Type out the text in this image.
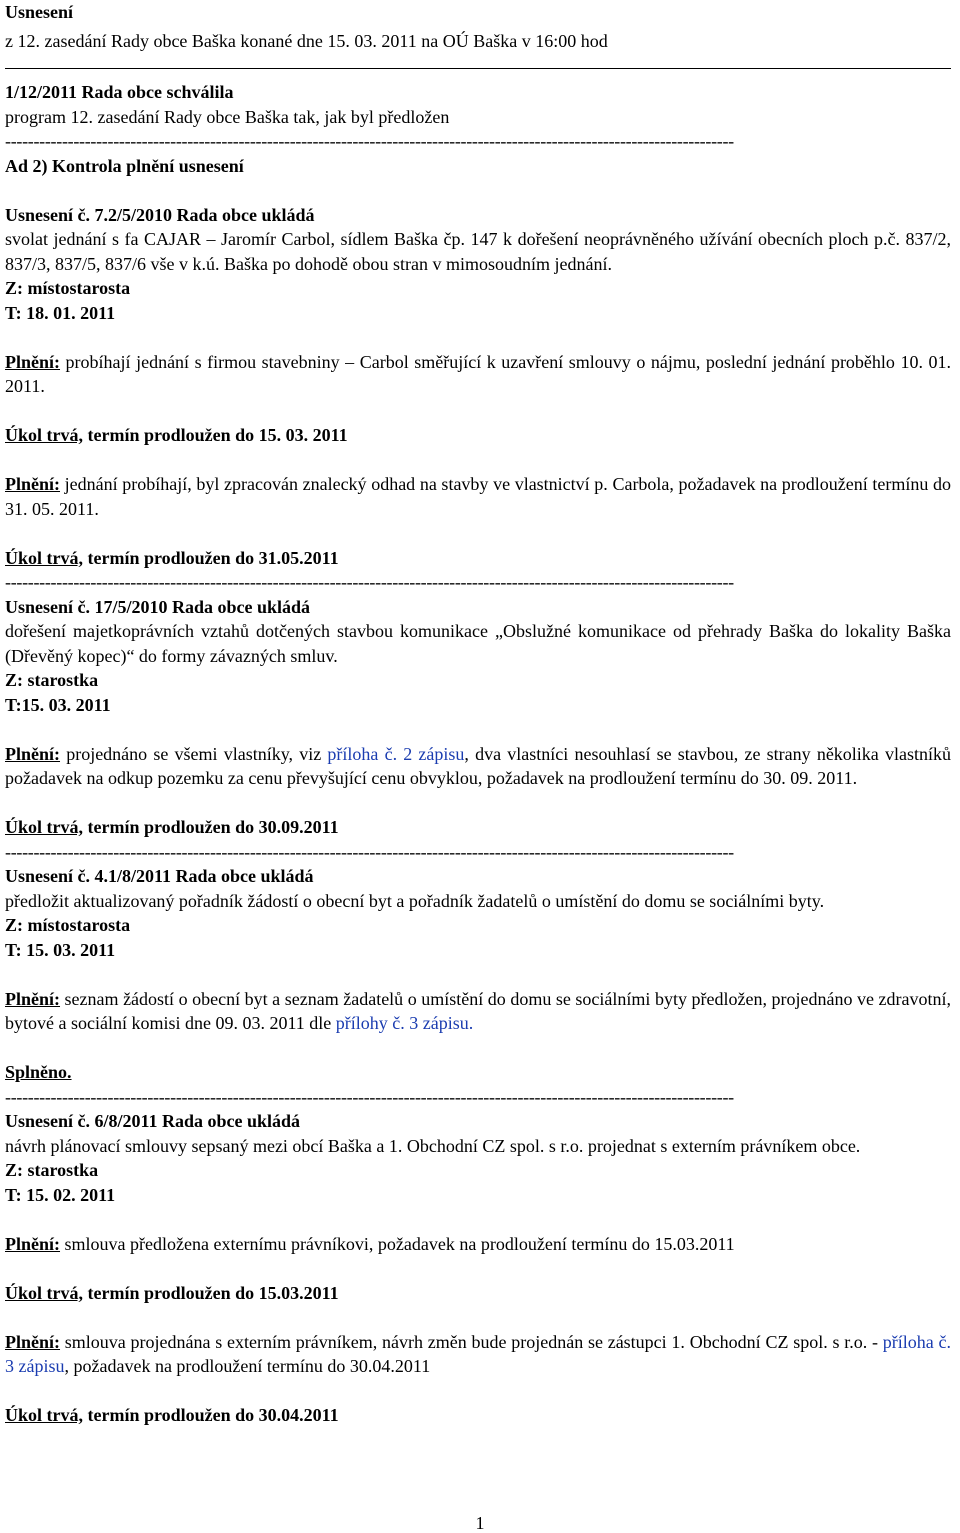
Usnesení

z 12. zasedání Rady obce Baška konané dne 15. 03. 2011 na OÚ Baška v 16:00 hod

1/12/2011 Rada obce schválila

program 12. zasedání Rady obce Baška tak, jak byl předložen

--------------------------------------------------------------------------------------------------------------------------------

Ad 2) Kontrola plnění usnesení

Usnesení č. 7.2/5/2010 Rada obce ukládá

svolat jednání s fa CAJAR – Jaromír Carbol, sídlem Baška čp. 147 k dořešení neoprávněného užívání obecních ploch p.č. 837/2, 837/3, 837/5, 837/6 vše v k.ú. Baška po dohodě obou stran v mimosoudním jednání.

Z: místostarosta

T: 18. 01. 2011

Plnění: probíhají jednání s firmou stavebniny – Carbol směřující k uzavření smlouvy o nájmu, poslední jednání proběhlo 10. 01. 2011.

Úkol trvá, termín prodloužen do 15. 03. 2011

Plnění: jednání probíhají, byl zpracován znalecký odhad na stavby ve vlastnictví p. Carbola, požadavek na prodloužení termínu do 31. 05. 2011.

Úkol trvá, termín prodloužen do 31.05.2011

--------------------------------------------------------------------------------------------------------------------------------

Usnesení č. 17/5/2010 Rada obce ukládá

dořešení majetkoprávních vztahů dotčených stavbou komunikace „Obslužné komunikace od přehrady Baška do lokality Baška (Dřevěný kopec)“ do formy závazných smluv.

Z: starostka

T:15. 03. 2011

Plnění: projednáno se všemi vlastníky, viz příloha č. 2 zápisu, dva vlastníci nesouhlasí se stavbou, ze strany několika vlastníků požadavek na odkup pozemku za cenu převyšující cenu obvyklou, požadavek na prodloužení termínu do 30. 09. 2011.

Úkol trvá, termín prodloužen do 30.09.2011

--------------------------------------------------------------------------------------------------------------------------------

Usnesení č. 4.1/8/2011 Rada obce ukládá

předložit aktualizovaný pořadník žádostí o obecní byt a pořadník žadatelů o umístění do domu se sociálními byty.

Z: místostarosta

T: 15. 03. 2011

Plnění: seznam žádostí o obecní byt a seznam žadatelů o umístění do domu se sociálními byty předložen, projednáno ve zdravotní, bytové a sociální komisi dne 09. 03. 2011 dle přílohy č. 3 zápisu.

Splněno.

--------------------------------------------------------------------------------------------------------------------------------

Usnesení č. 6/8/2011 Rada obce ukládá

návrh plánovací smlouvy sepsaný mezi obcí Baška a 1. Obchodní CZ spol. s r.o. projednat s externím právníkem obce.

Z: starostka

T: 15. 02. 2011

Plnění: smlouva předložena externímu právníkovi, požadavek na prodloužení termínu do 15.03.2011

Úkol trvá, termín prodloužen do 15.03.2011

Plnění: smlouva projednána s externím právníkem, návrh změn bude projednán se zástupci 1. Obchodní CZ spol. s r.o. - příloha č. 3 zápisu, požadavek na prodloužení termínu do 30.04.2011

Úkol trvá, termín prodloužen do 30.04.2011

1
